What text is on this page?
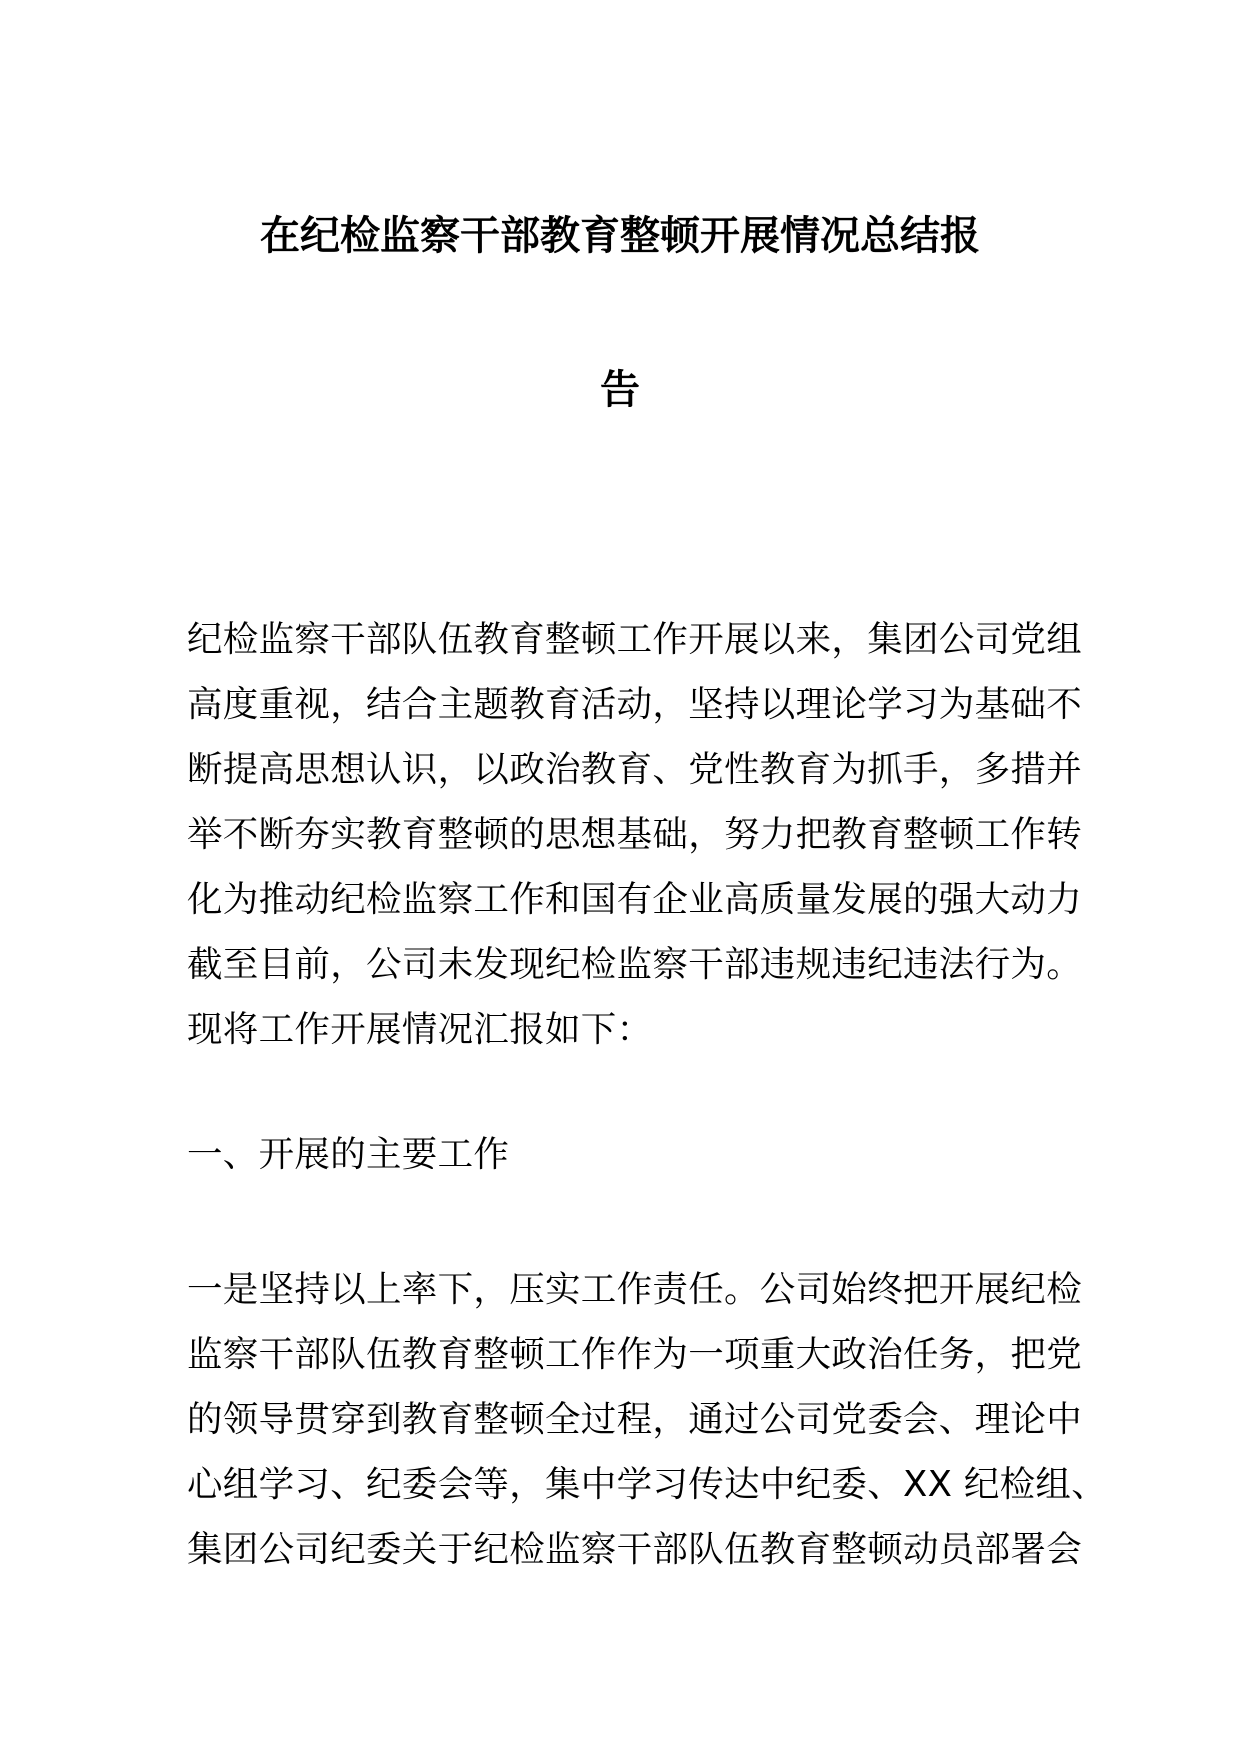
在纪检监察干部教育整顿开展情况总结报
告
纪检监察干部队伍教育整顿工作开展以来，集团公司党组
高度重视，结合主题教育活动，坚持以理论学习为基础不
断提高思想认识，以政治教育、党性教育为抓手，多措并
举不断夯实教育整顿的思想基础，努力把教育整顿工作转
化为推动纪检监察工作和国有企业高质量发展的强大动力
截至目前，公司未发现纪检监察干部违规违纪违法行为。
现将工作开展情况汇报如下：
一、开展的主要工作
一是坚持以上率下，压实工作责任。公司始终把开展纪检
监察干部队伍教育整顿工作作为一项重大政治任务，把党
的领导贯穿到教育整顿全过程，通过公司党委会、理论中
心组学习、纪委会等，集中学习传达中纪委、XX 纪检组、
集团公司纪委关于纪检监察干部队伍教育整顿动员部署会
